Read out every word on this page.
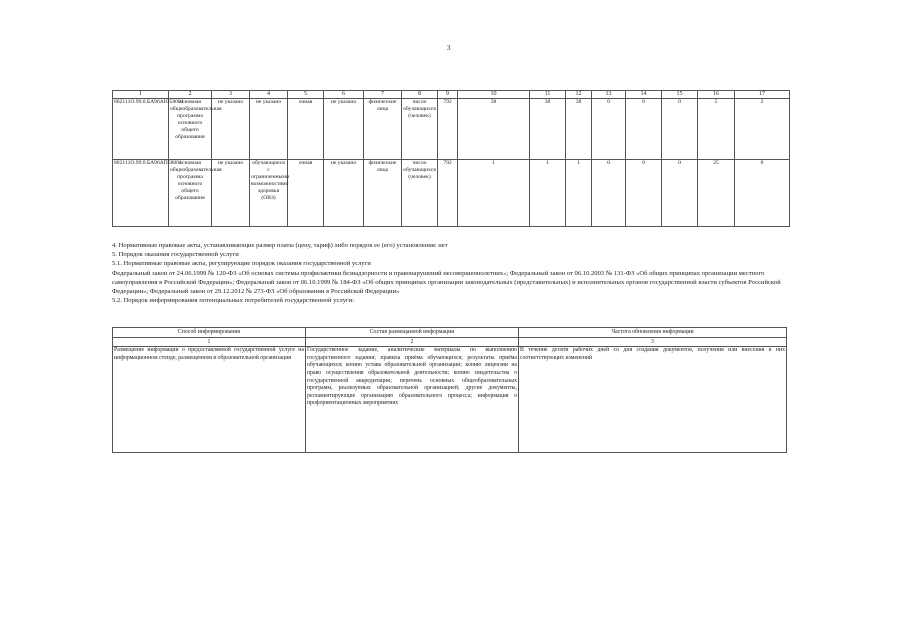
3
1	2	3	4	5	6	7	8	9	10	11	12	13	14	15	16	17
802111О.99.0.БА96АЮ58001	основная общеобразовательная программа основного общего образования	не указано	не указано	очная	не указано	физические лица	число обучающихся (человек)	792	38	38	38	0	0	0	5	2
802111О.99.0.БА96АП58001	основная общеобразовательная программа основного общего образования	не указано	обучающиеся с ограниченными возможностями здоровья (ОВЗ)	очная	не указано	физические лица	число обучающихся (человек)	792	1	1	1	0	0	0	25	0

4. Нормативные правовые акты, устанавливающие размер платы (цену, тариф) либо порядок ее (его) установления: нет

5. Порядок оказания государственной услуги

5.1. Нормативные правовые акты, регулирующие порядок оказания государственной услуги

Федеральный закон от 24.06.1999 № 120-ФЗ «Об основах системы профилактики безнадзорности и правонарушений несовершеннолетних»; Федеральный закон от 06.10.2003 № 131-ФЗ «Об общих принципах организации местного самоуправления в Российской Федерации»; Федеральный закон от 06.10.1999 № 184-ФЗ «Об общих принципах организации законодательных (представительных) и исполнительных органов государственной власти субъектов Российской Федерации»; Федеральный закон от 29.12.2012 № 273-ФЗ «Об образовании в Российской Федерации»

5.2. Порядок информирования потенциальных потребителей государственной услуги:

Способ информирования	Состав размещаемой информации	Частота обновления информации
1	2	3
Размещение информации о предоставляемой государственной услуге на информационном стенде, размещенном в образовательной организации	Государственное задание, аналитические материалы по выполнению государственного задания; правила приёма обучающихся; результаты приёма обучающихся; копию устава образовательной организации; копию лицензии на право осуществления образовательной деятельности; копию свидетельства о государственной аккредитации; перечень основных общеобразовательных программ, реализуемых образовательной организацией; другие документы, регламентирующие организацию образовательного процесса; информация о профориентационных мероприятиях	В течение десяти рабочих дней со дня создания документов, получения или внесения в них соответствующих изменений
